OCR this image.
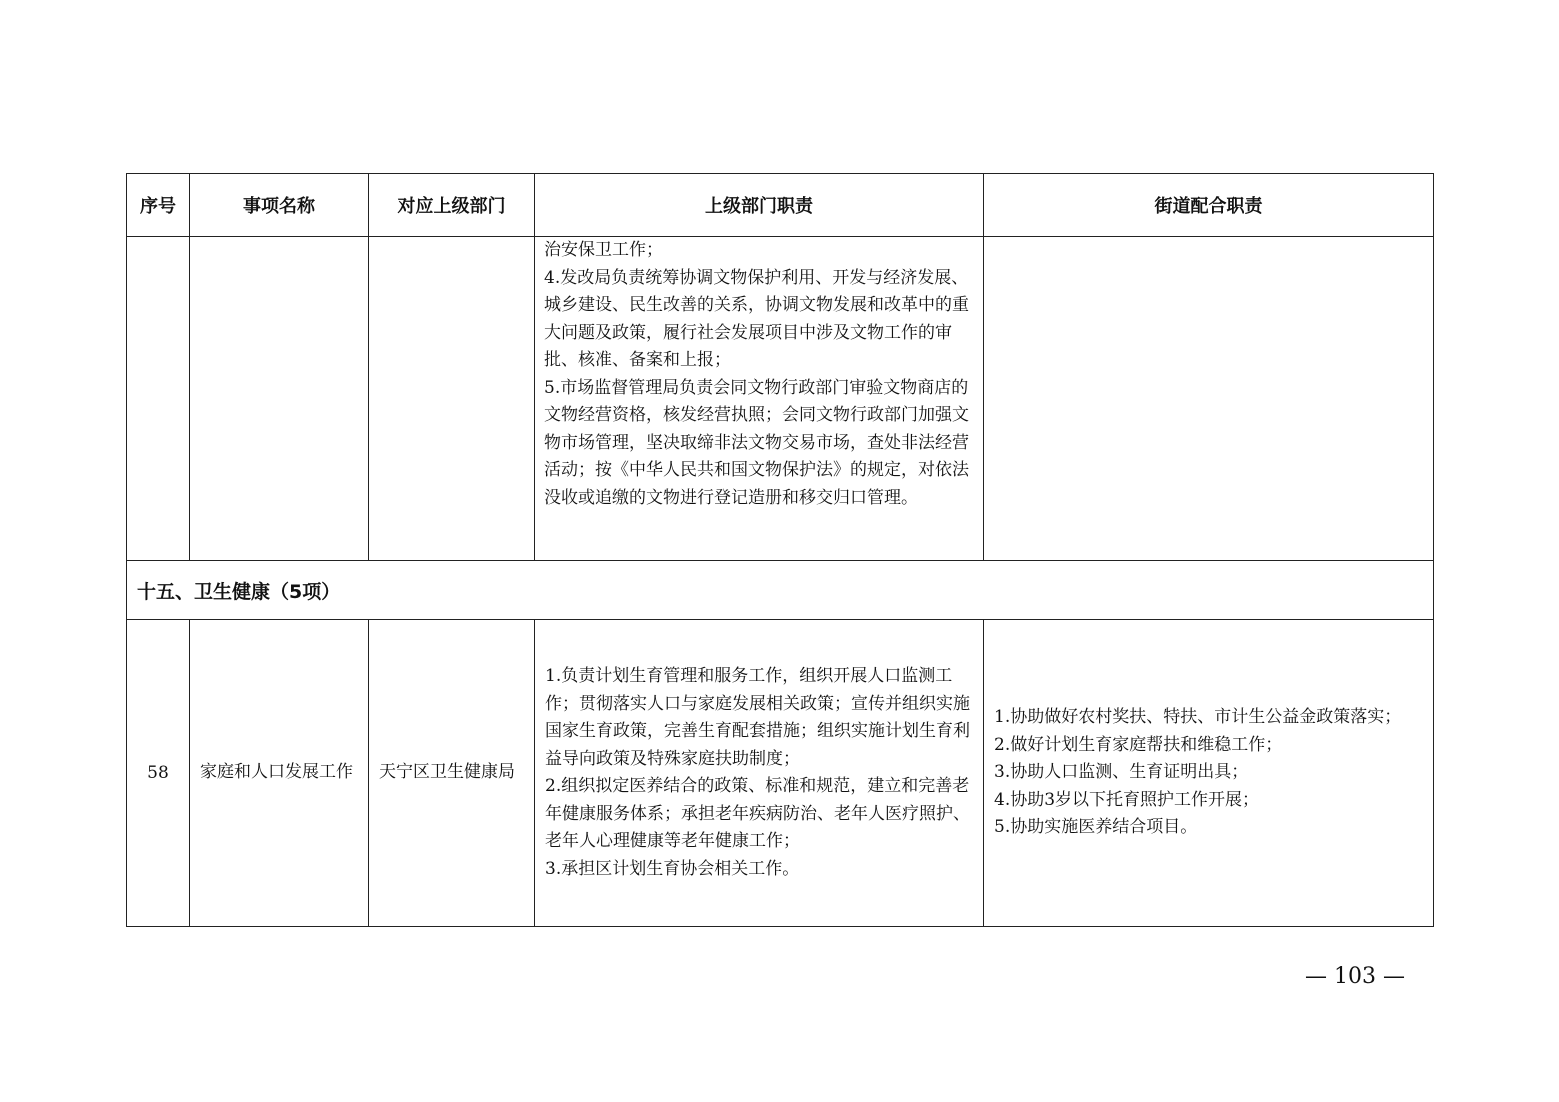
序号	事项名称	对应上级部门	上级部门职责	街道配合职责

			治安保卫工作；
4.发改局负责统筹协调文物保护利用、开发与经济发展、城乡建设、民生改善的关系，协调文物发展和改革中的重大问题及政策，履行社会发展项目中涉及文物工作的审批、核准、备案和上报；
5.市场监督管理局负责会同文物行政部门审验文物商店的文物经营资格，核发经营执照；会同文物行政部门加强文物市场管理，坚决取缔非法文物交易市场，查处非法经营活动；按《中华人民共和国文物保护法》的规定，对依法没收或追缴的文物进行登记造册和移交归口管理。	

十五、卫生健康（5项）				
58	家庭和人口发展工作	天宁区卫生健康局	1.负责计划生育管理和服务工作，组织开展人口监测工作；贯彻落实人口与家庭发展相关政策；宣传并组织实施国家生育政策，完善生育配套措施；组织实施计划生育利益导向政策及特殊家庭扶助制度；
2.组织拟定医养结合的政策、标准和规范，建立和完善老年健康服务体系；承担老年疾病防治、老年人医疗照护、老年人心理健康等老年健康工作；
3.承担区计划生育协会相关工作。	1.协助做好农村奖扶、特扶、市计生公益金政策落实；
2.做好计划生育家庭帮扶和维稳工作；
3.协助人口监测、生育证明出具；
4.协助3岁以下托育照护工作开展；
5.协助实施医养结合项目。
— 103 —
